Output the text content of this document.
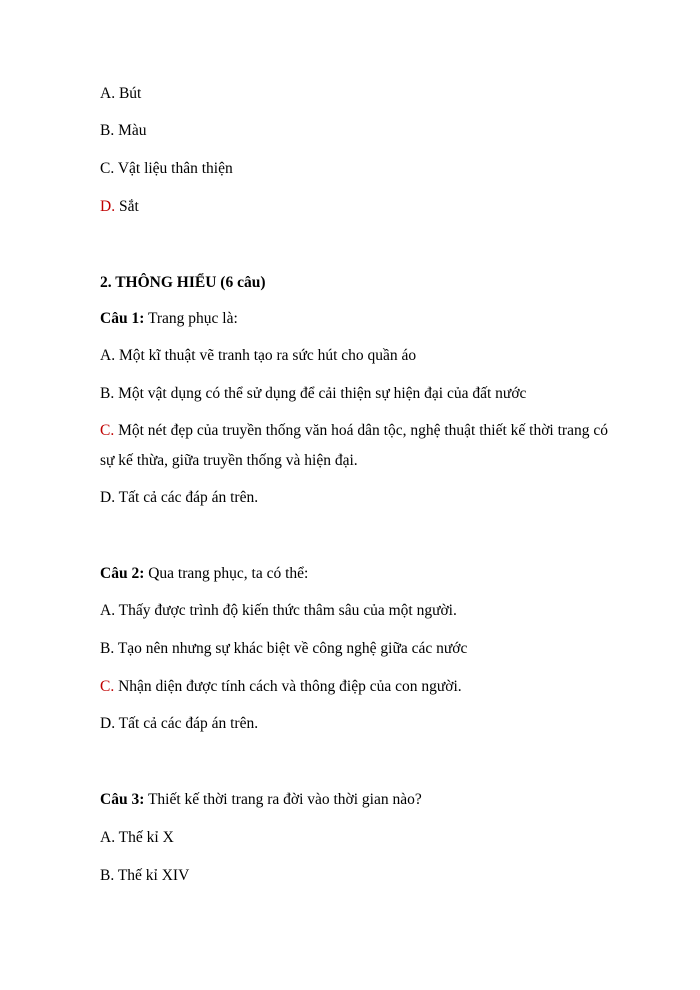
A. Bút
B. Màu
C. Vật liệu thân thiện
D. Sắt
2. THÔNG HIỂU (6 câu)
Câu 1: Trang phục là:
A. Một kĩ thuật vẽ tranh tạo ra sức hút cho quần áo
B. Một vật dụng có thể sử dụng để cải thiện sự hiện đại của đất nước
C. Một nét đẹp của truyền thống văn hoá dân tộc, nghệ thuật thiết kế thời trang có
sự kế thừa, giữa truyền thống và hiện đại.
D. Tất cả các đáp án trên.
Câu 2: Qua trang phục, ta có thể:
A. Thấy được trình độ kiến thức thâm sâu của một người.
B. Tạo nên nhưng sự khác biệt về công nghệ giữa các nước
C. Nhận diện được tính cách và thông điệp của con người.
D. Tất cả các đáp án trên.
Câu 3: Thiết kế thời trang ra đời vào thời gian nào?
A. Thế kỉ X
B. Thế kỉ XIV
